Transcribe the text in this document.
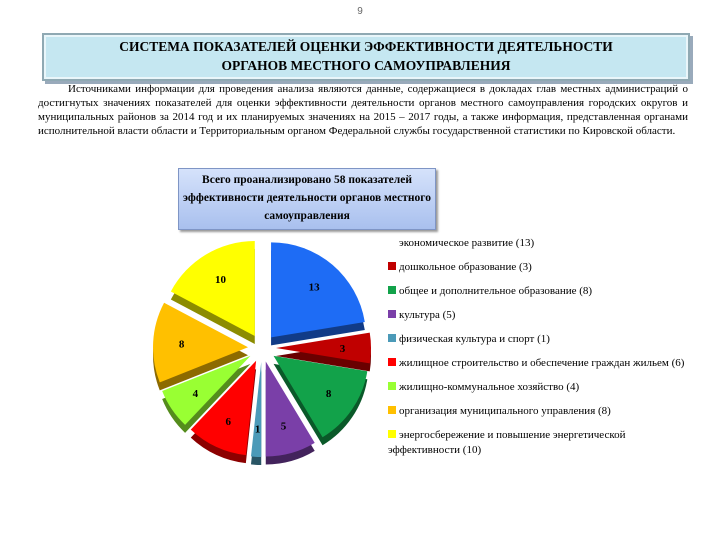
9
СИСТЕМА ПОКАЗАТЕЛЕЙ ОЦЕНКИ ЭФФЕКТИВНОСТИ ДЕЯТЕЛЬНОСТИ
ОРГАНОВ МЕСТНОГО САМОУПРАВЛЕНИЯ

Источниками информации для проведения анализа являются данные, содержащиеся в докладах глав местных администраций о достигнутых значениях показателей для оценки эффективности деятельности органов местного самоуправления городских округов и муниципальных районов за 2014 год и их планируемых значениях на 2015 – 2017 годы, а также информация, представленная органами исполнительной власти области и Территориальным органом Федеральной службы государственной статистики по Кировской области.

Всего проанализировано 58 показателей
эффективности деятельности органов местного
самоуправления
13
3
8
5
1
6
4
8
10
экономическое развитие (13)
дошкольное образование (3)
общее и дополнительное образование (8)
культура (5)
физическая культура и спорт (1)
жилищное строительство и обеспечение граждан жильем (6)
жилищно-коммунальное хозяйство (4)
организация муниципального управления (8)
энергосбережение и повышение энергетической эффективности (10)
